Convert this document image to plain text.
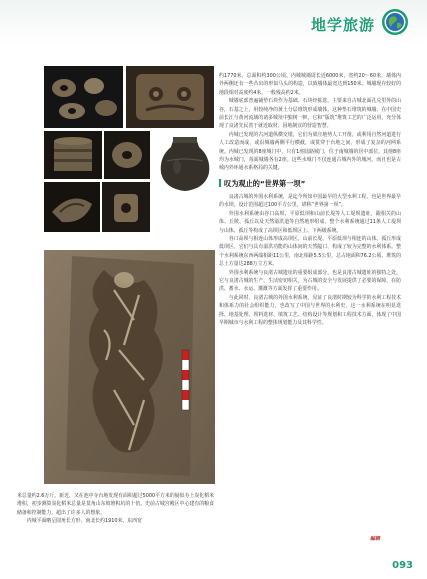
地学旅游

约1770米，总面积约300公顷。内城城墙周长近6000米，宽约20～60米，墙体内外两侧还有一些凸出的形似马头的构造，以致墙体最宽达到150米。城墙现存较好的地段相对高度约4米，一般残高约2米。

城墙底部普遍铺垫石块作为基础。石块经拣选，主要来自古城北面孔兑里外的山谷，石基之上，用较纯净的黄土分层堆筑形成墙体。这种垫石堆筑的城墙，在中国史前长江与黄河流域的诸多城址中独树一帜，它和“版筑”堆筑工艺的广泛运用，充分体现了良渚先民善于就近取材、因地制宜的营造智慧。

内城已发现的古河道纵横交错，它们为梁庄地势人工开凿，或利用自然河道进行人工改造而成，或沿城墙两侧平行横截，或贯穿于台地之间，形成了复杂的河网系统。内城已发现的8座城门中，只有1座陆路城门，位于南城墙的居中部位。其他8座均为水城门，每面城墙各有2座。这些水城门不仅连通古城内外的城河，而且也是古城内外环通水系格局的关键。

叹为观止的“世界第一坝”

良渚古城的外围水利系统，是迄今所知中国最早的大型水利工程，也是世界最早的水坝，设计范围超过100平方公里，堪称“世界第一坝”。

外围水利系统由谷口高坝、平原低坝和山前长堤等人工堤坝遗址，跟相关的山体、丘陵、孤丘以及天然溢洪道等自然地形组成，整个水利系统通过11条人工堤坝与山体、孤丘等构成了高坝区和低坝区上、下两级系统。

谷口高坝与相连山体形成高坝区，山前长堤、平原低坝与相连的山体、孤丘形成低坝区，它们与具有溢洪功能的山体间的天然隘口，构成了较为完整的水利体系。整个水利系统东西两端相距11公里，南北相距5.5公里，总占地面积76.2公顷，堆筑的总土方量达288万立方米。

外围水利系统与良渚古城遗址的重要组成部分，也是良渚古城遗址的独特之处。它与良渚古城的生产、生活密切相关，为古城的安全与发展提供了必要的保障，在防洪、蓄水、水运、灌溉等方面发挥了重要作用。

与此同时，良渚古城的外围水利系统，见证了良渚时期较为科学的水利工程技术和体系力的社会组织能力，也改写了中国与世界的水利史，这一水利系统在明显选择、地基处理、坝料选材、填筑工艺、结构设计等规划和工程技术方面，体现了中国早期城市与水利工程的整体规划能力及其科学性。

米总量约2.6万斤。新近，又在池中寺台地发现有面积超过5000平方米的疑似夯土炭化稻米堆积，初步测算炭化稻米总量是莫角山东坡堆积坑的十倍。史前古城宫殿区中心建有的粮食储备和控制能力，超出了许多人的想象。

内城平面略呈圆角长方形，南北长约1910米，东西宽

编辑
093
